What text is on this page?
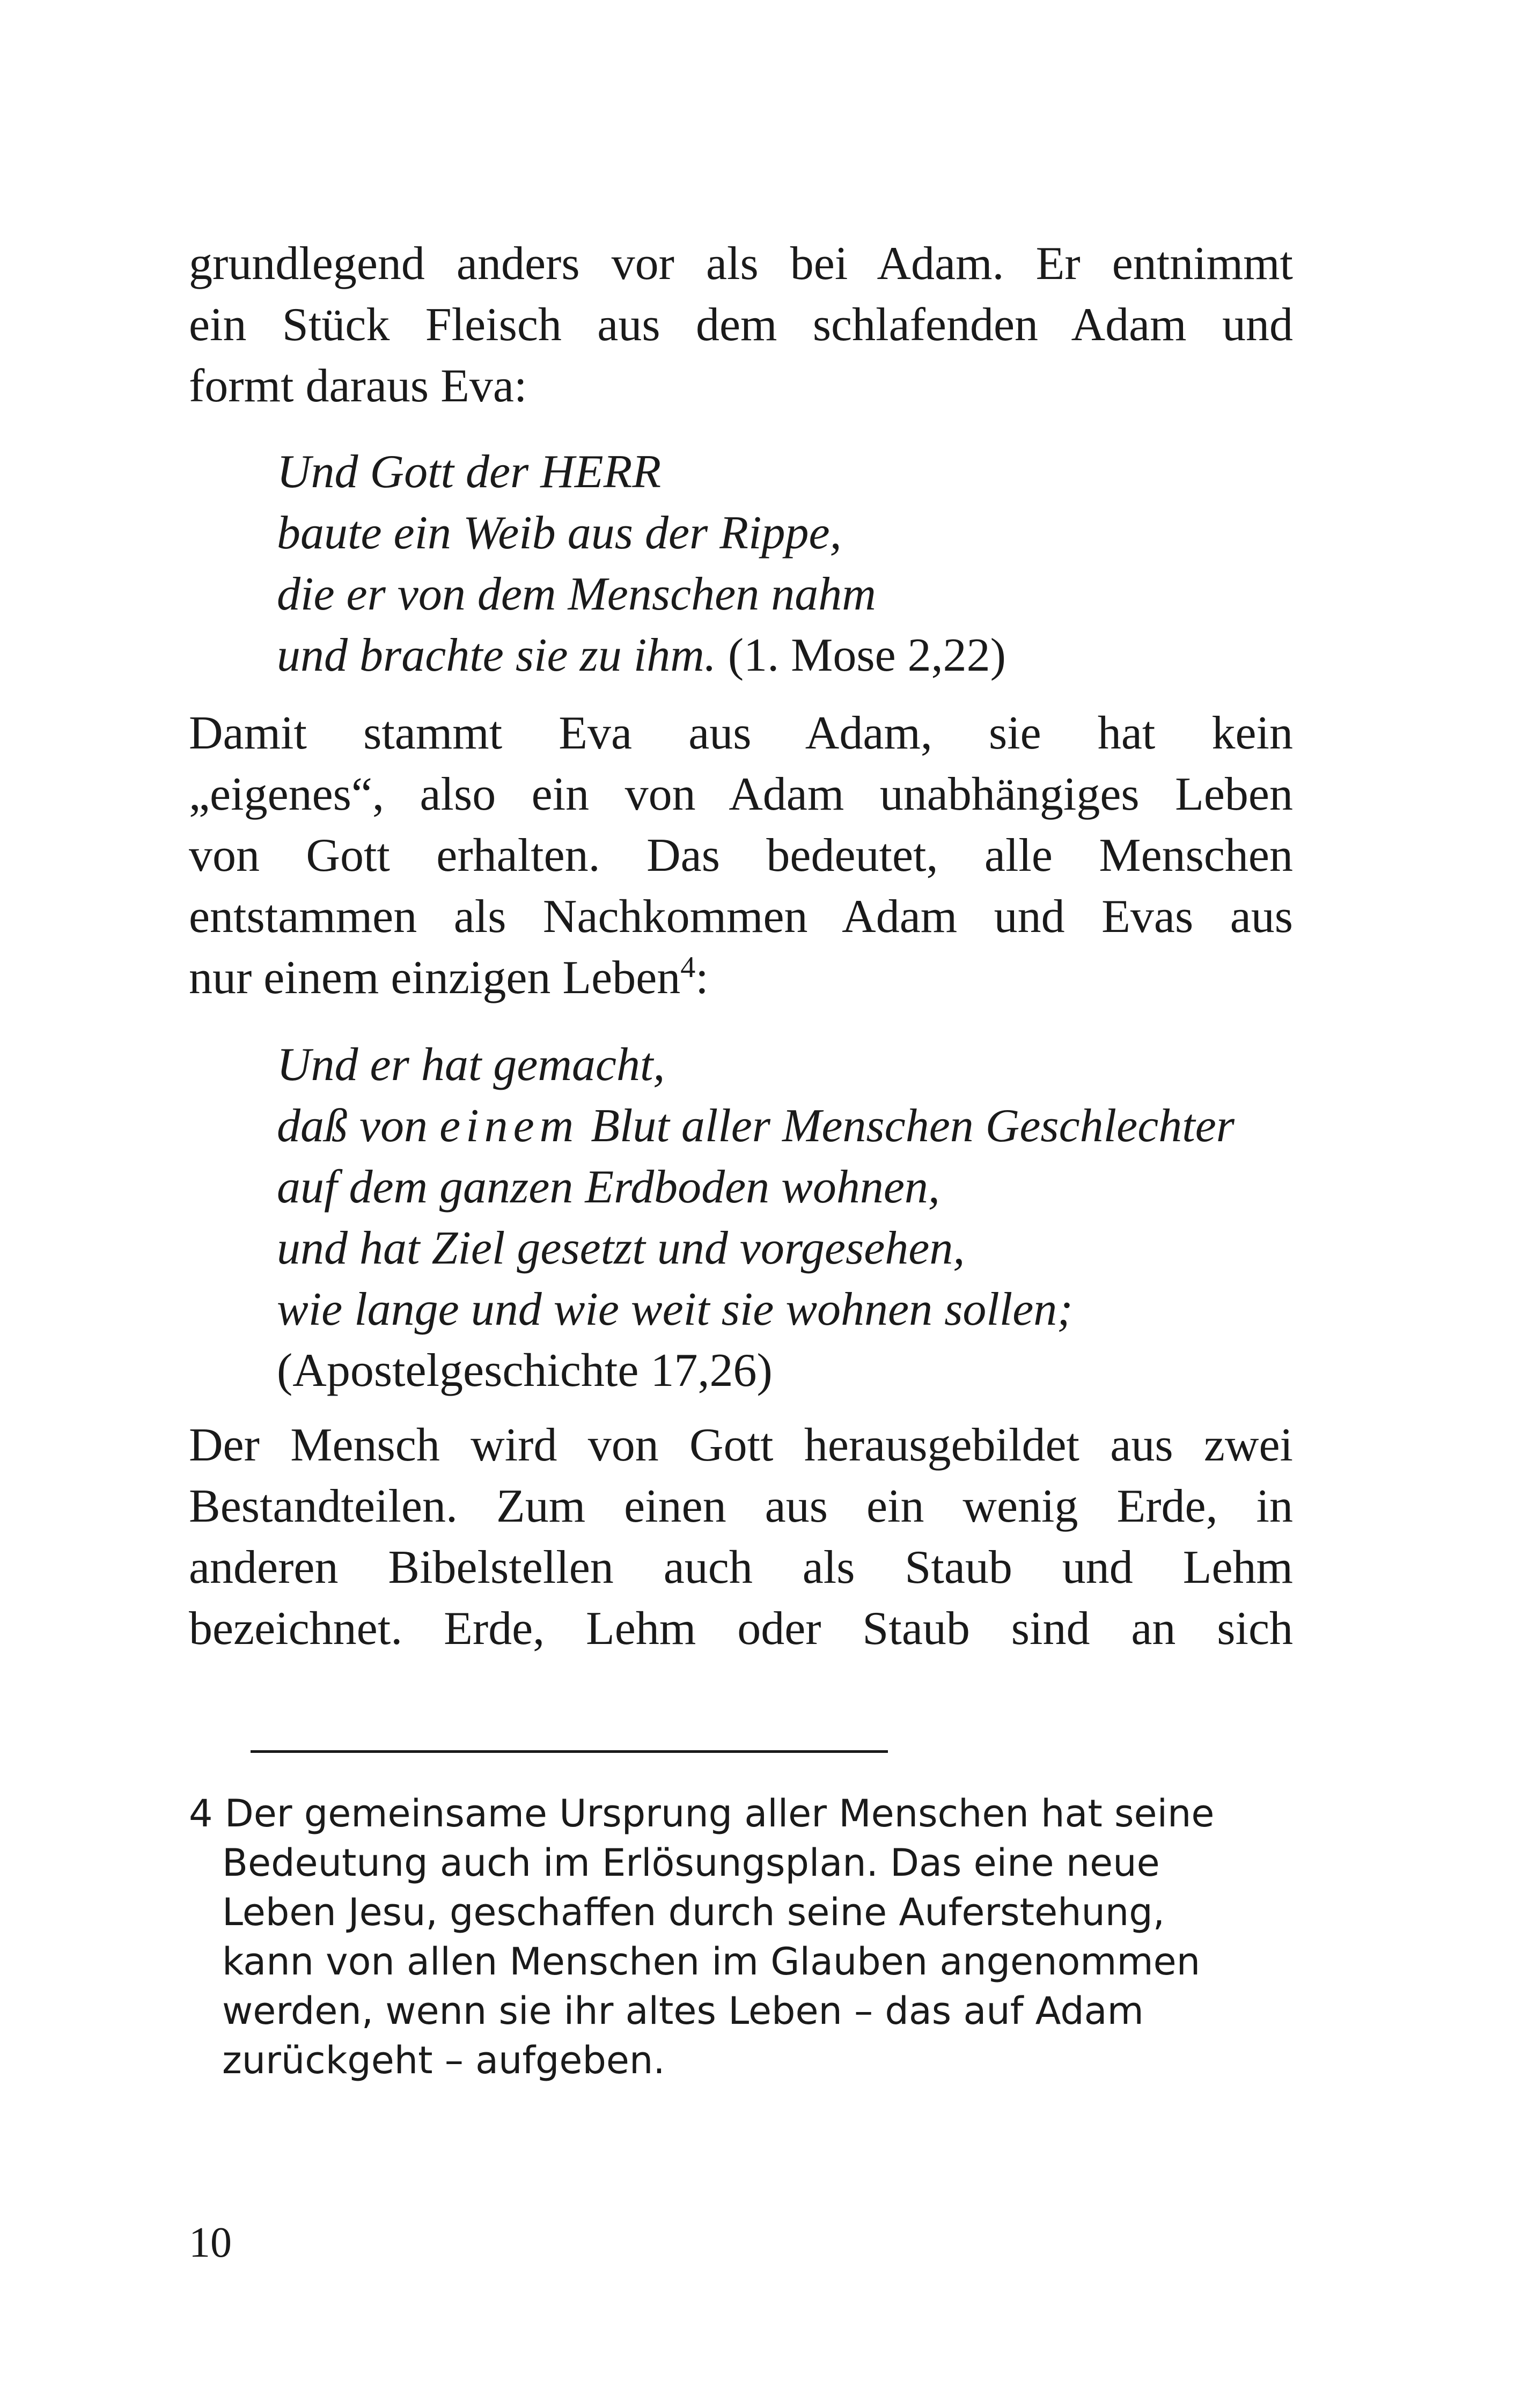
grundlegend anders vor als bei Adam. Er entnimmt
ein Stück Fleisch aus dem schlafenden Adam und
formt daraus Eva:
Und Gott der HERR
baute ein Weib aus der Rippe,
die er von dem Menschen nahm
und brachte sie zu ihm. (1. Mose 2,22)
Damit stammt Eva aus Adam, sie hat kein
„eigenes“, also ein von Adam unabhängiges Leben
von Gott erhalten. Das bedeutet, alle Menschen
entstammen als Nachkommen Adam und Evas aus
nur einem einzigen Leben$^4$:
Und er hat gemacht,
daß von einem Blut aller Menschen Geschlechter
auf dem ganzen Erdboden wohnen,
und hat Ziel gesetzt und vorgesehen,
wie lange und wie weit sie wohnen sollen;
(Apostelgeschichte 17,26)
Der Mensch wird von Gott herausgebildet aus zwei
Bestandteilen. Zum einen aus ein wenig Erde, in
anderen Bibelstellen auch als Staub und Lehm
bezeichnet. Erde, Lehm oder Staub sind an sich
4 Der gemeinsame Ursprung aller Menschen hat seine
Bedeutung auch im Erlösungsplan. Das eine neue
Leben Jesu, geschaffen durch seine Auferstehung,
kann von allen Menschen im Glauben angenommen
werden, wenn sie ihr altes Leben – das auf Adam
zurückgeht – aufgeben.
10
